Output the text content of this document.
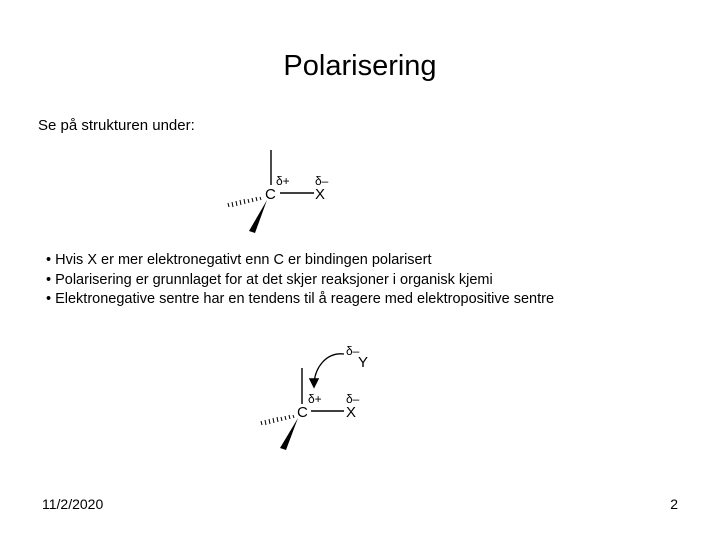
Polarisering
Se på strukturen under:
C	X
δ+ δ–
• Hvis X er mer elektronegativt enn C er bindingen polarisert
• Polarisering er grunnlaget for at det skjer reaksjoner i organisk kjemi
• Elektronegative sentre har en tendens til å reagere med elektropositive sentre
Y
δ–
C	X
δ+ δ–
11/2/2020	2
